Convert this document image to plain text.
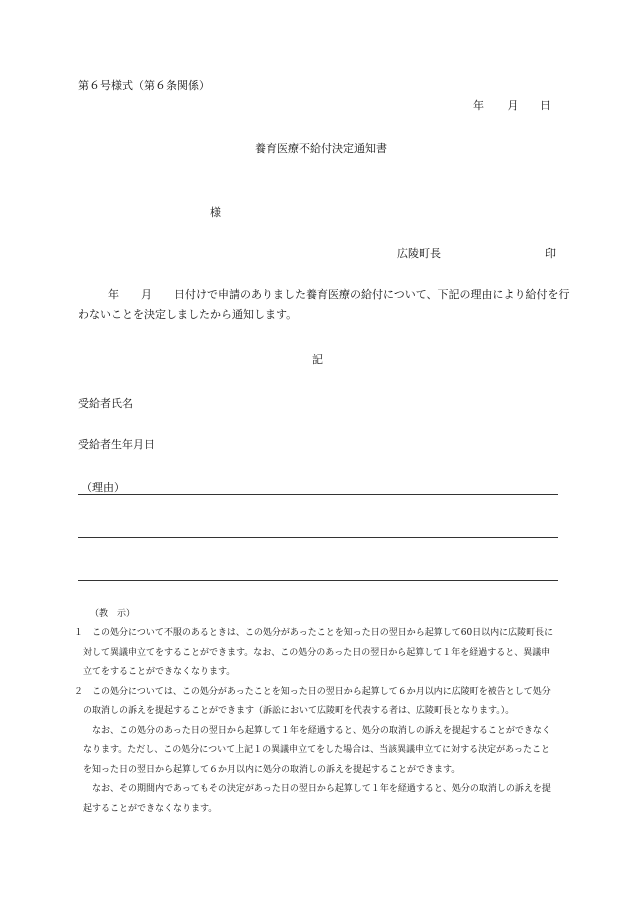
第６号様式（第６条関係）
年 月 日
養育医療不給付決定通知書
様
広陵町長	印
年 月 日付けで申請のありました養育医療の給付について、下記の理由により給付を行
わないことを決定しましたから通知します。
記
受給者氏名
受給者生年月日
（理由）
（教　示）
１　この処分について不服のあるときは、この処分があったことを知った日の翌日から起算して60日以内に広陵町長に
　対して異議申立てをすることができます。なお、この処分のあった日の翌日から起算して１年を経過すると、異議申
　立てをすることができなくなります。
２　この処分については、この処分があったことを知った日の翌日から起算して６か月以内に広陵町を被告として処分
　の取消しの訴えを提起することができます（訴訟において広陵町を代表する者は、広陵町長となります。）。
　　なお、この処分のあった日の翌日から起算して１年を経過すると、処分の取消しの訴えを提起することができなく
　なります。ただし、この処分について上記１の異議申立てをした場合は、当該異議申立てに対する決定があったこと
　を知った日の翌日から起算して６か月以内に処分の取消しの訴えを提起することができます。
　　なお、その期間内であってもその決定があった日の翌日から起算して１年を経過すると、処分の取消しの訴えを提
　起することができなくなります。
